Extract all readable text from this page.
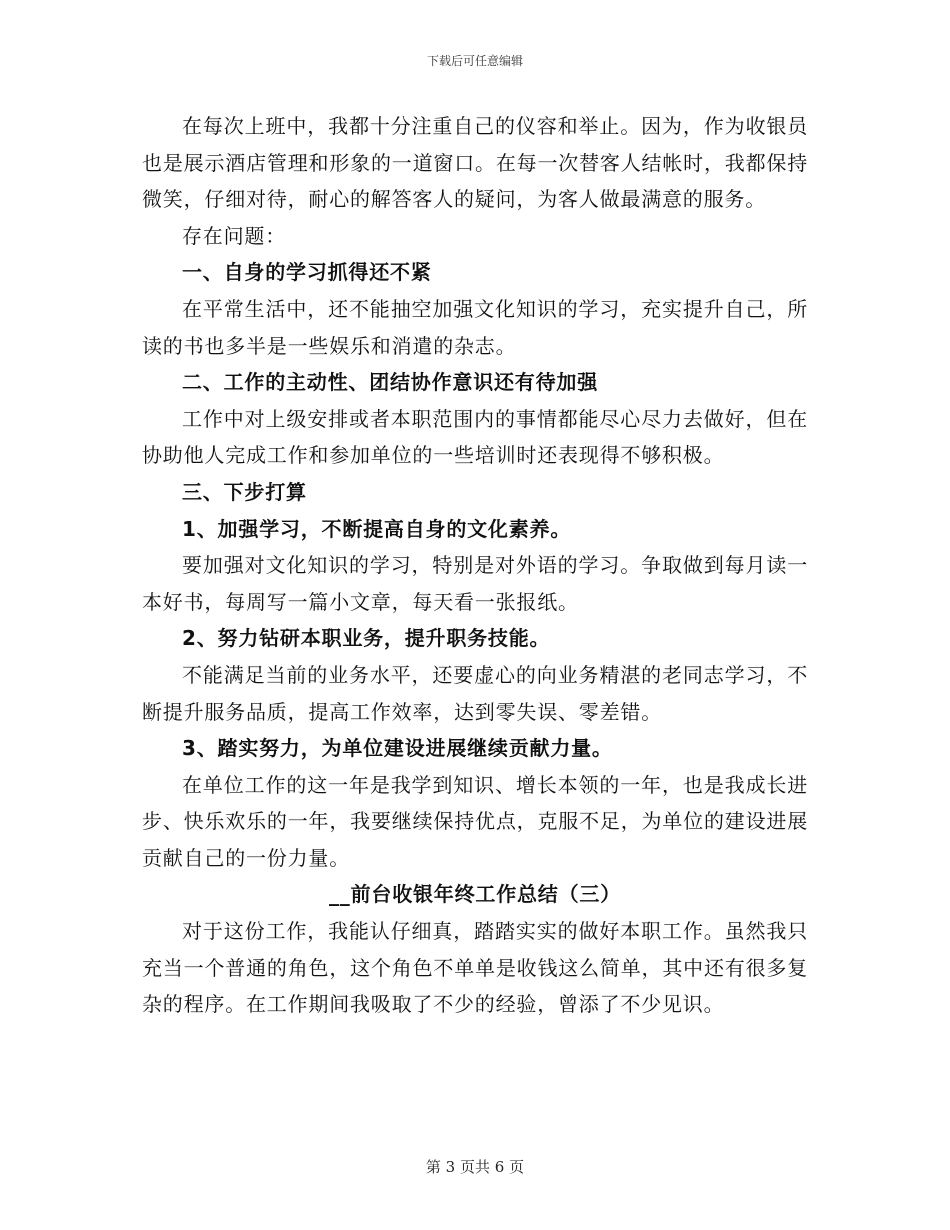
下载后可任意编辑

在每次上班中，我都十分注重自己的仪容和举止。因为，作为收银员也是展示酒店管理和形象的一道窗口。在每一次替客人结帐时，我都保持微笑，仔细对待，耐心的解答客人的疑问，为客人做最满意的服务。

存在问题：

一、自身的学习抓得还不紧

在平常生活中，还不能抽空加强文化知识的学习，充实提升自己，所读的书也多半是一些娱乐和消遣的杂志。

二、工作的主动性、团结协作意识还有待加强

工作中对上级安排或者本职范围内的事情都能尽心尽力去做好，但在协助他人完成工作和参加单位的一些培训时还表现得不够积极。

三、下步打算

1、加强学习，不断提高自身的文化素养。

要加强对文化知识的学习，特别是对外语的学习。争取做到每月读一本好书，每周写一篇小文章，每天看一张报纸。

2、努力钻研本职业务，提升职务技能。

不能满足当前的业务水平，还要虚心的向业务精湛的老同志学习，不断提升服务品质，提高工作效率，达到零失误、零差错。

3、踏实努力，为单位建设进展继续贡献力量。

在单位工作的这一年是我学到知识、增长本领的一年，也是我成长进步、快乐欢乐的一年，我要继续保持优点，克服不足，为单位的建设进展贡献自己的一份力量。

__前台收银年终工作总结（三）

对于这份工作，我能认仔细真，踏踏实实的做好本职工作。虽然我只充当一个普通的角色，这个角色不单单是收钱这么简单，其中还有很多复杂的程序。在工作期间我吸取了不少的经验，曾添了不少见识。

第 3 页共 6 页
